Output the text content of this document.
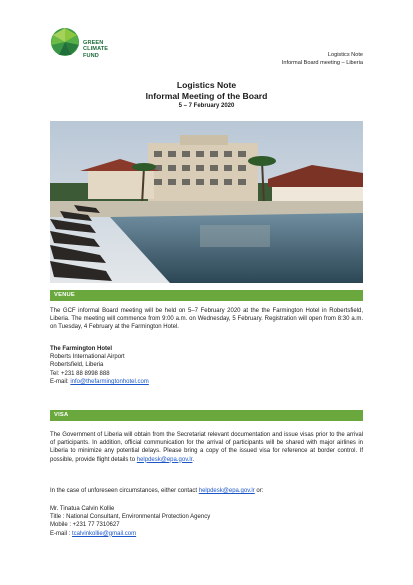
GREEN
CLIMATE
FUND	Logistics Note
Informal Board meeting – Liberia
Logistics Note
Informal Meeting of the Board
5 – 7 February 2020
VENUE
The GCF informal Board meeting will be held on 5–7 February 2020 at the the Farmington Hotel in Robertsfield, Liberia. The meeting will commence from 9:00 a.m. on Wednesday, 5 February. Registration will open from 8:30 a.m. on Tuesday, 4 February at the Farmington Hotel.
The Farmington Hotel
Roberts International Airport
Robertsfield, Liberia
Tel: +231 88 8998 888
E-mail: info@thefarmingtonhotel.com
VISA
The Government of Liberia will obtain from the Secretariat relevant documentation and issue visas prior to the arrival of participants. In addition, official communication for the arrival of participants will be shared with major airlines in Liberia to minimize any potential delays. Please bring a copy of the issued visa for reference at border control. If possible, provide flight details to helpdesk@epa.gov.lr.
In the case of unforeseen circumstances, either contact helpdesk@epa.gov.lr or:
Mr. Tinatua Calvin Kollie
Title : National Consultant, Environmental Protection Agency
Mobile : +231 77 7310627
E-mail : tcalvinkollie@gmail.com
